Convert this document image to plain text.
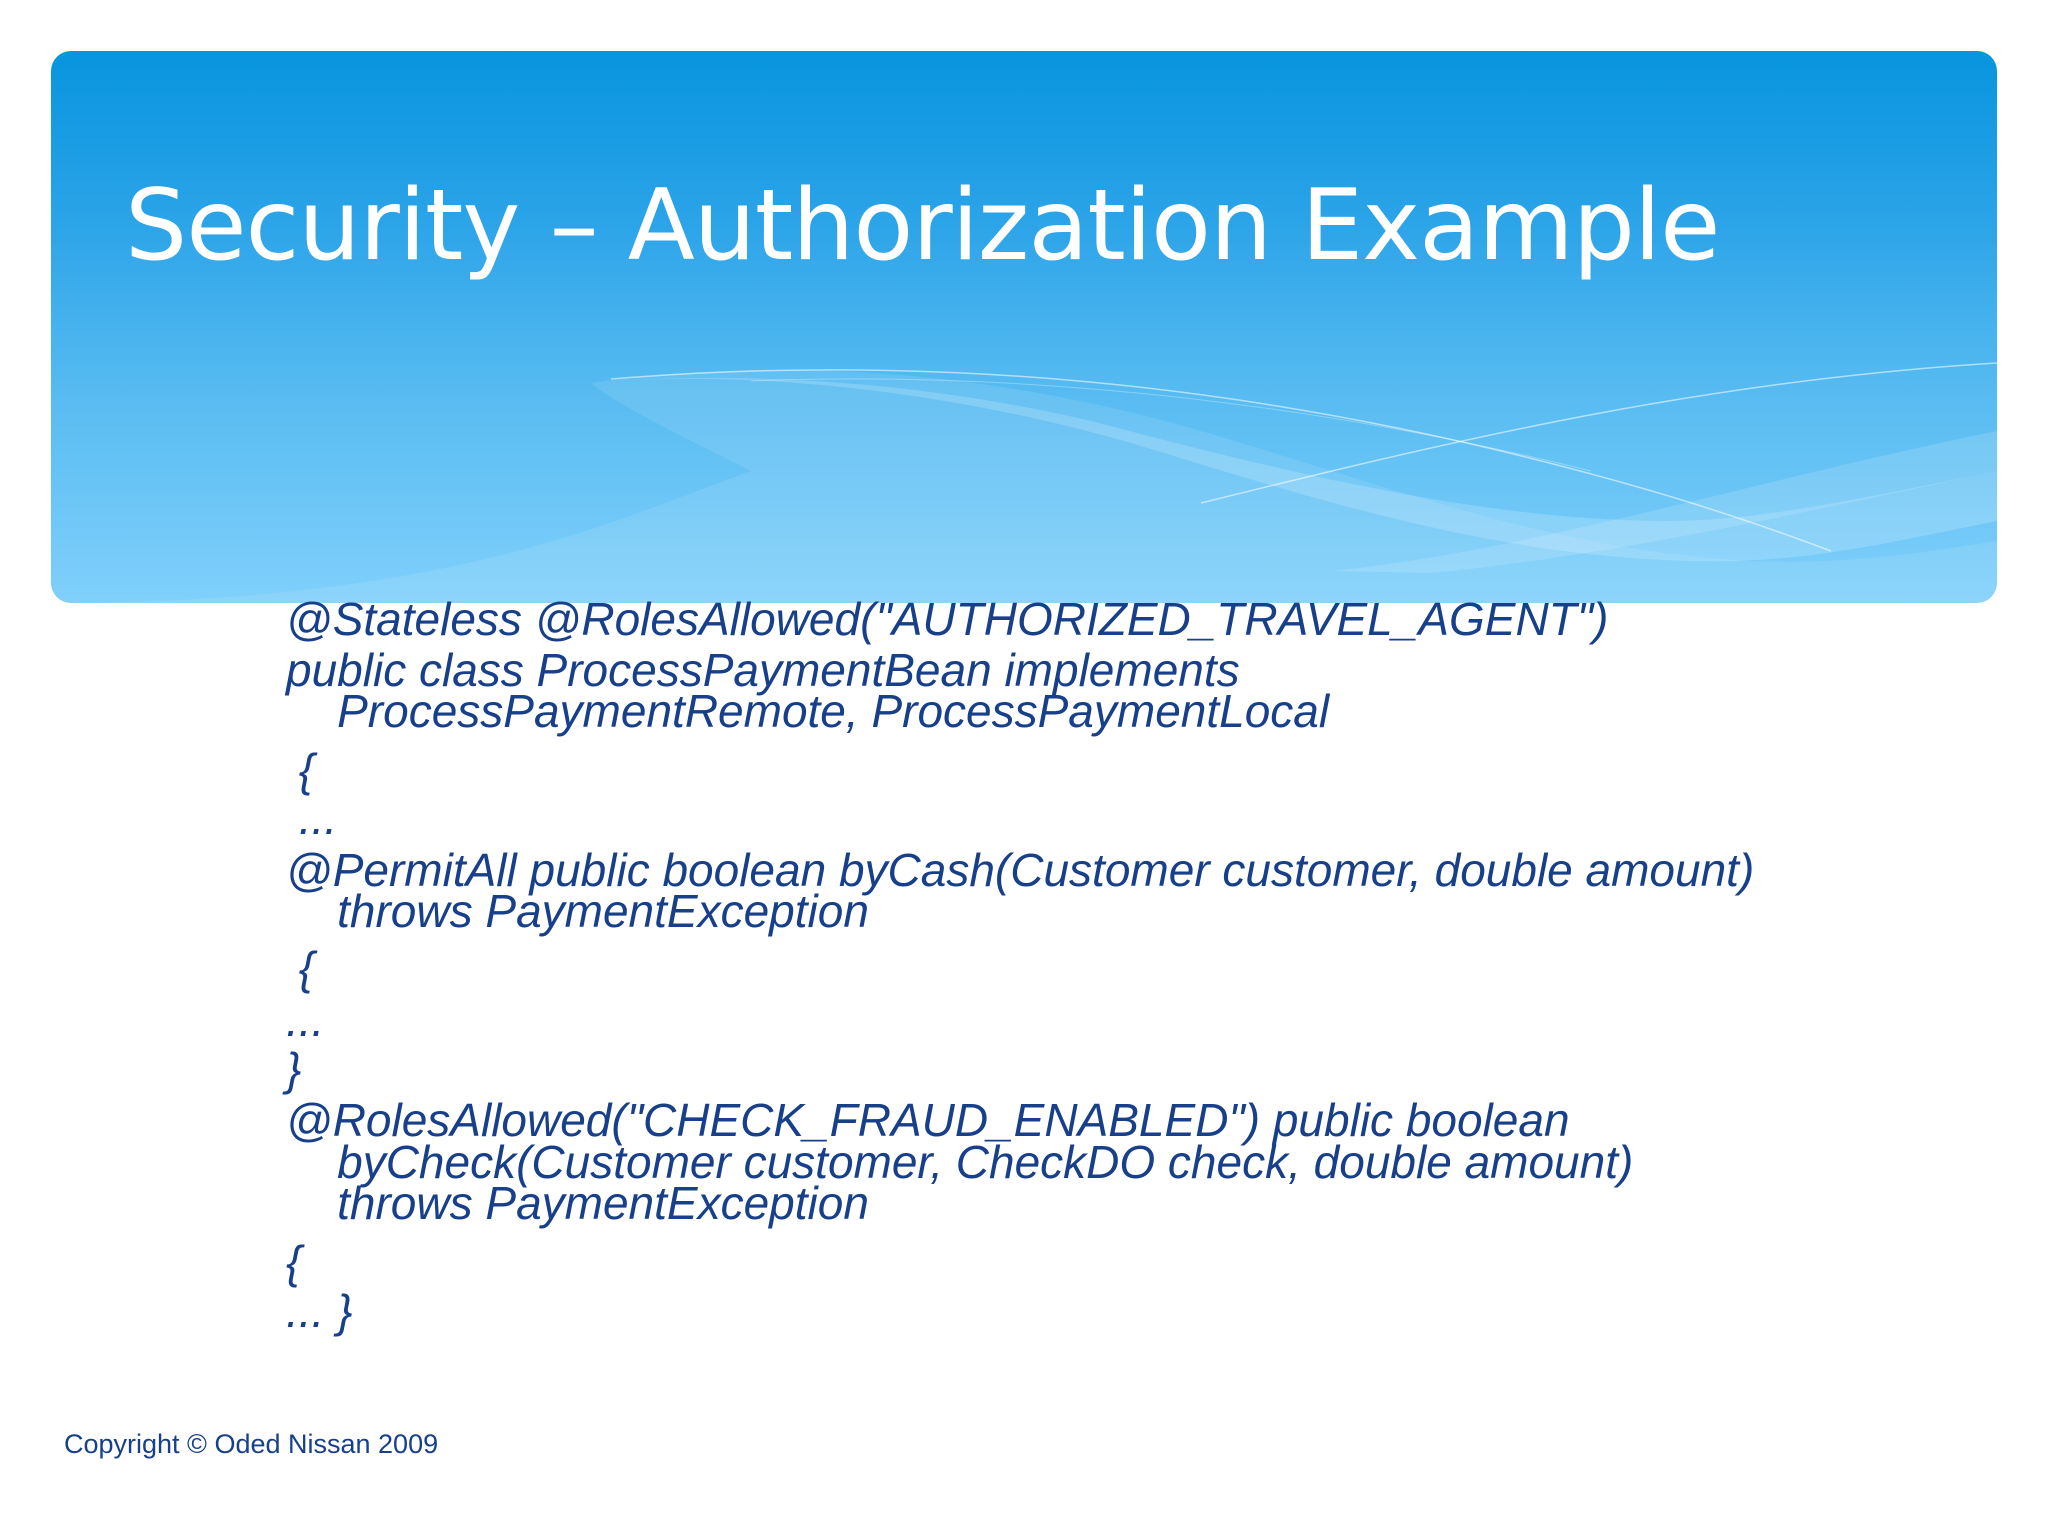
Security – Authorization Example
@Stateless @RolesAllowed("AUTHORIZED_TRAVEL_AGENT")
public class ProcessPaymentBean implements
ProcessPaymentRemote, ProcessPaymentLocal
{
...
@PermitAll public boolean byCash(Customer customer, double amount)
throws PaymentException
{
...
}
@RolesAllowed("CHECK_FRAUD_ENABLED") public boolean
byCheck(Customer customer, CheckDO check, double amount)
throws PaymentException
{
... }
Copyright © Oded Nissan 2009
